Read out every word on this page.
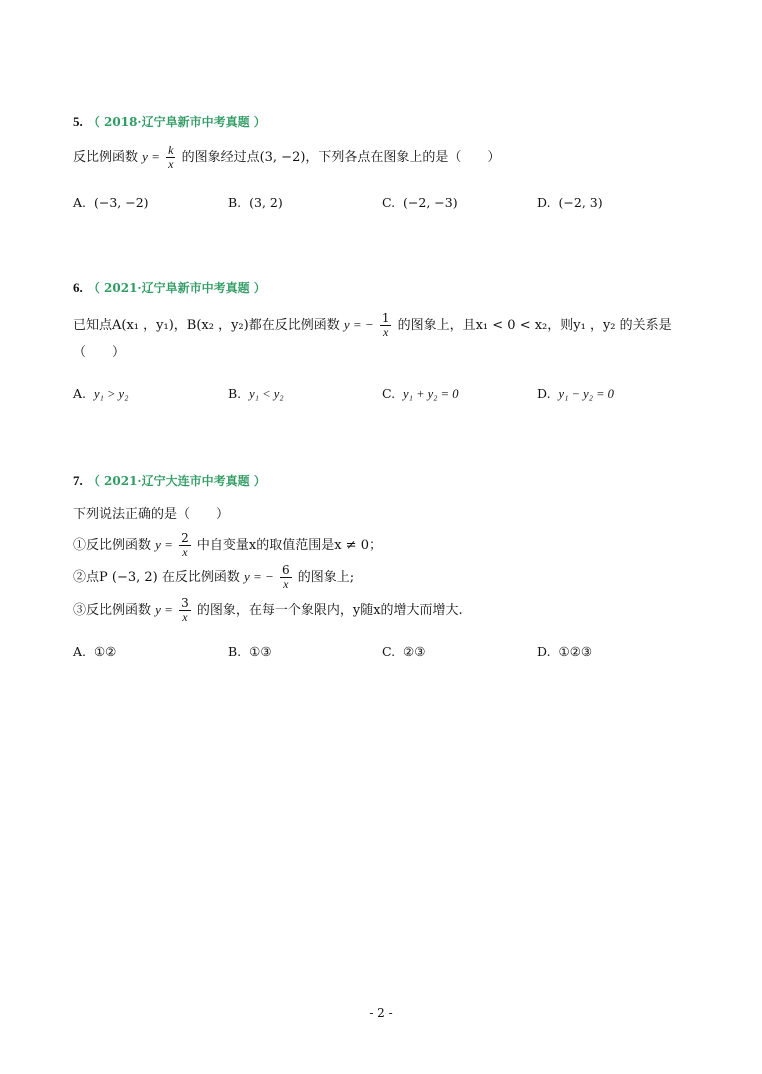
5. （ 2018·辽宁阜新市中考真题 ）
反比例函数 $y = \frac{k}{x}$ 的图象经过点(3, −2)，下列各点在图象上的是（　　）
A. (−3, −2)	B. (3, 2)	C. (−2, −3)	D. (−2, 3)
6. （ 2021·辽宁阜新市中考真题 ）
已知点A(x₁ ，y₁)，B(x₂ ，y₂)都在反比例函数 y = − $\frac{1}{x}$ 的图象上，且x₁ < 0 < x₂，则y₁ ，y₂ 的关系是
（　　）
A. y₁ > y₂	B. y₁ < y₂	C. y₁ + y₂ = 0	D. y₁ − y₂ = 0
7. （ 2021·辽宁大连市中考真题 ）
下列说法正确的是（　　）
①反比例函数 $y = \frac{2}{x}$ 中自变量x的取值范围是x ≠ 0；
②点P (−3, 2) 在反比例函数 y = − $\frac{6}{x}$ 的图象上;
③反比例函数 $y = \frac{3}{x}$ 的图象，在每一个象限内，y随x的增大而增大.
A. ①②	B. ①③	C. ②③	D. ①②③
- 2 -
